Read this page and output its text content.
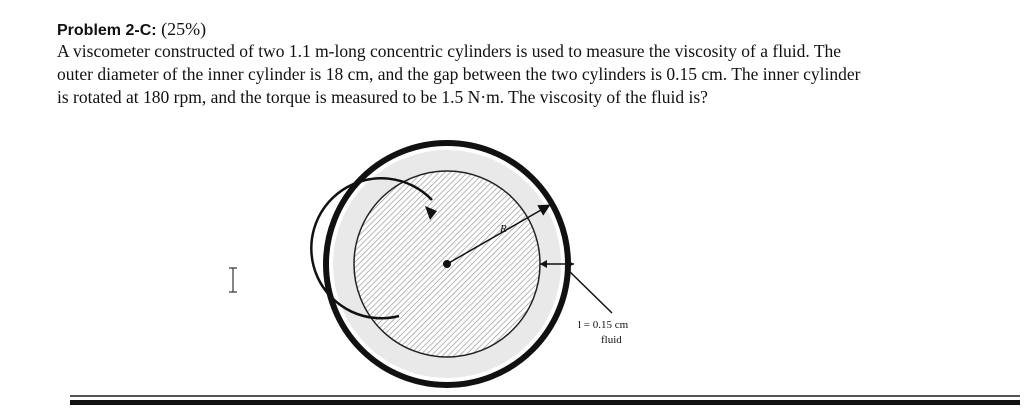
Problem 2-C: (25%)

A viscometer constructed of two 1.1 m-long concentric cylinders is used to measure the viscosity of a fluid. The
outer diameter of the inner cylinder is 18 cm, and the gap between the two cylinders is 0.15 cm. The inner cylinder
is rotated at 180 rpm, and the torque is measured to be 1.5 N·m. The viscosity of the fluid is?

R
l = 0.15 cm
fluid
